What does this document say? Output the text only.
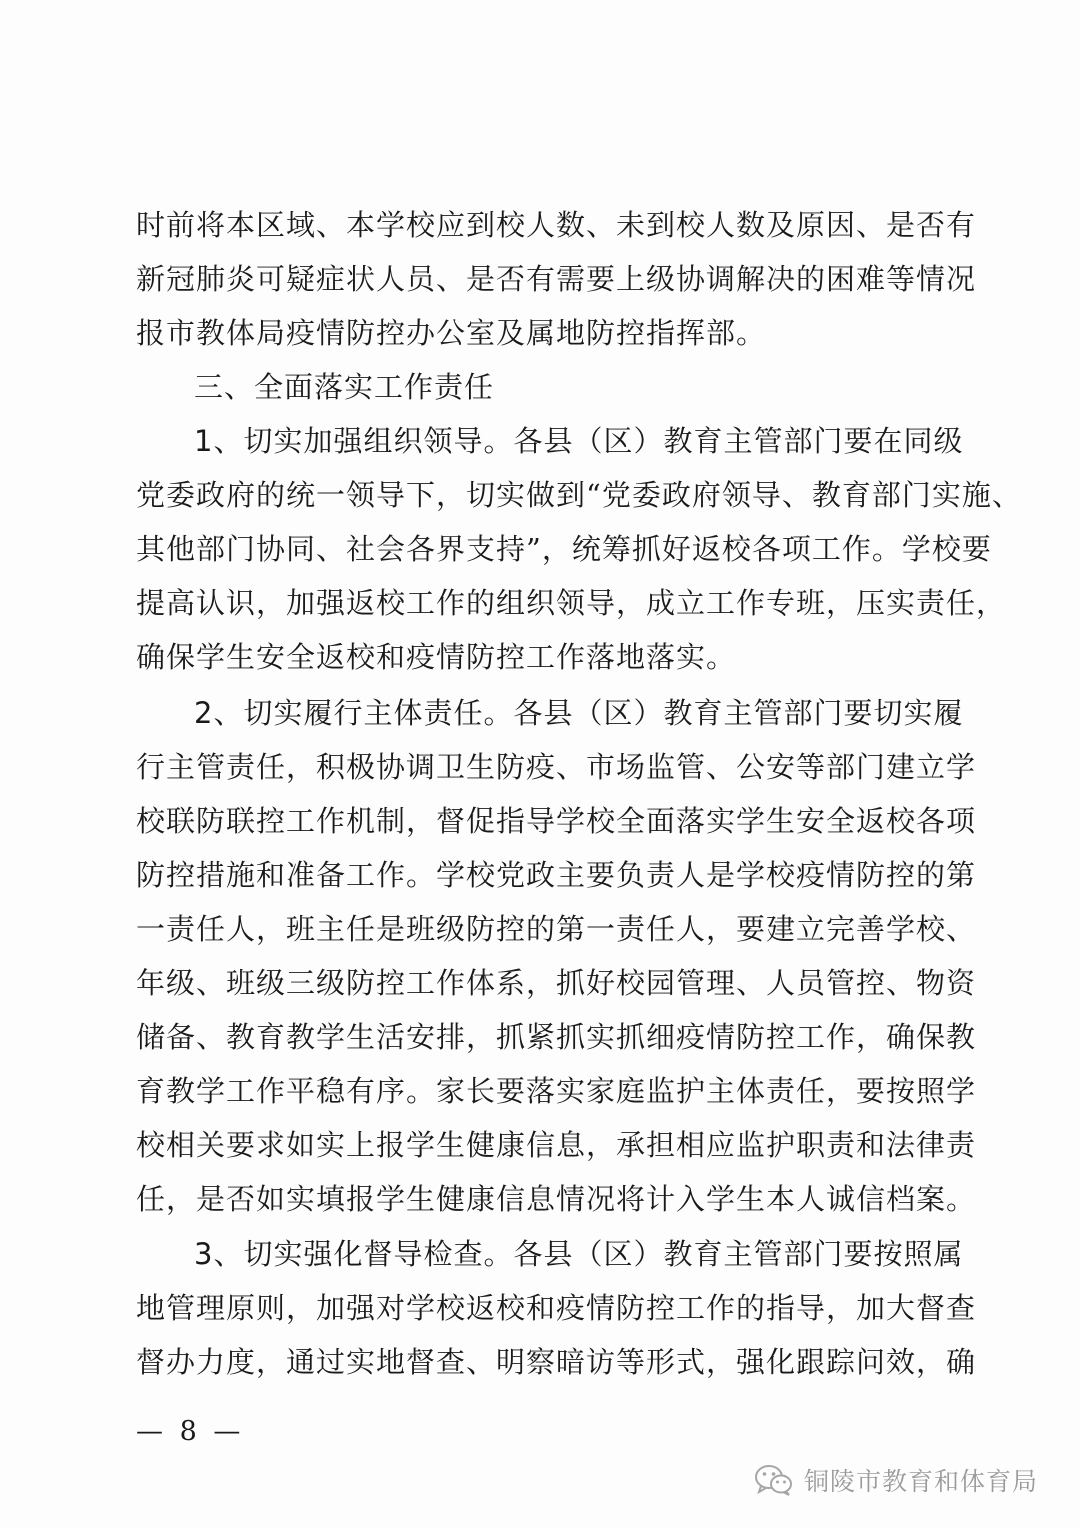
时前将本区域、本学校应到校人数、未到校人数及原因、是否有
新冠肺炎可疑症状人员、是否有需要上级协调解决的困难等情况
报市教体局疫情防控办公室及属地防控指挥部。
三、全面落实工作责任
1、切实加强组织领导。各县（区）教育主管部门要在同级
党委政府的统一领导下，切实做到“党委政府领导、教育部门实施、
其他部门协同、社会各界支持”，统筹抓好返校各项工作。学校要
提高认识，加强返校工作的组织领导，成立工作专班，压实责任，
确保学生安全返校和疫情防控工作落地落实。
2、切实履行主体责任。各县（区）教育主管部门要切实履
行主管责任，积极协调卫生防疫、市场监管、公安等部门建立学
校联防联控工作机制，督促指导学校全面落实学生安全返校各项
防控措施和准备工作。学校党政主要负责人是学校疫情防控的第
一责任人，班主任是班级防控的第一责任人，要建立完善学校、
年级、班级三级防控工作体系，抓好校园管理、人员管控、物资
储备、教育教学生活安排，抓紧抓实抓细疫情防控工作，确保教
育教学工作平稳有序。家长要落实家庭监护主体责任，要按照学
校相关要求如实上报学生健康信息，承担相应监护职责和法律责
任，是否如实填报学生健康信息情况将计入学生本人诚信档案。
3、切实强化督导检查。各县（区）教育主管部门要按照属
地管理原则，加强对学校返校和疫情防控工作的指导，加大督查
督办力度，通过实地督查、明察暗访等形式，强化跟踪问效，确
— 8 —
铜陵市教育和体育局
